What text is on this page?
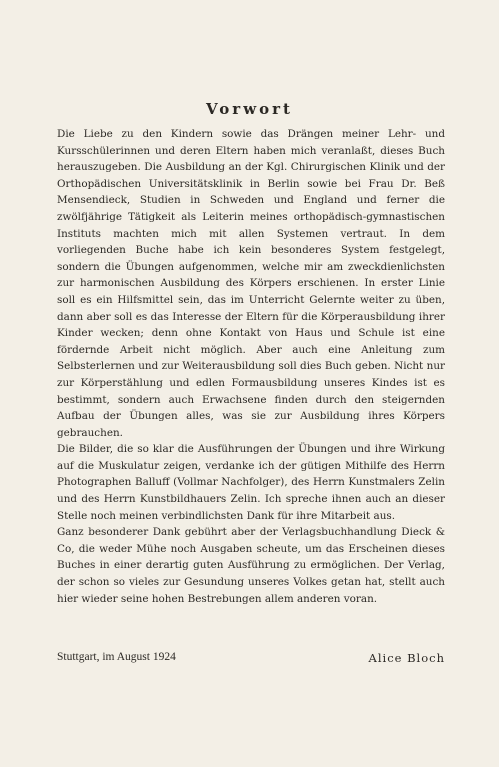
Vorwort

Die Liebe zu den Kindern sowie das Drängen meiner Lehr- und Kursschülerinnen und deren Eltern haben mich veranlaßt, dieses Buch herauszugeben. Die Ausbildung an der Kgl. Chirurgischen Klinik und der Orthopädischen Universitätsklinik in Berlin sowie bei Frau Dr. Beß Mensendieck, Studien in Schweden und England und ferner die zwölfjährige Tätigkeit als Leiterin meines orthopädisch-gymnastischen Instituts machten mich mit allen Systemen vertraut. In dem vorliegenden Buche habe ich kein besonderes System festgelegt, sondern die Übungen aufgenommen, welche mir am zweckdienlichsten zur harmonischen Ausbildung des Körpers erschienen. In erster Linie soll es ein Hilfsmittel sein, das im Unterricht Gelernte weiter zu üben, dann aber soll es das Interesse der Eltern für die Körperausbildung ihrer Kinder wecken; denn ohne Kontakt von Haus und Schule ist eine fördernde Arbeit nicht möglich. Aber auch eine Anleitung zum Selbsterlernen und zur Weiterausbildung soll dies Buch geben. Nicht nur zur Körperstählung und edlen Formausbildung unseres Kindes ist es bestimmt, sondern auch Erwachsene finden durch den steigernden Aufbau der Übungen alles, was sie zur Ausbildung ihres Körpers gebrauchen.

Die Bilder, die so klar die Ausführungen der Übungen und ihre Wirkung auf die Muskulatur zeigen, verdanke ich der gütigen Mithilfe des Herrn Photographen Balluff (Vollmar Nachfolger), des Herrn Kunstmalers Zelin und des Herrn Kunstbildhauers Zelin. Ich spreche ihnen auch an dieser Stelle noch meinen verbindlichsten Dank für ihre Mitarbeit aus.

Ganz besonderer Dank gebührt aber der Verlagsbuchhandlung Dieck & Co, die weder Mühe noch Ausgaben scheute, um das Erscheinen dieses Buches in einer derartig guten Ausführung zu ermöglichen. Der Verlag, der schon so vieles zur Gesundung unseres Volkes getan hat, stellt auch hier wieder seine hohen Bestrebungen allem anderen voran.

Stuttgart, im August 1924	Alice Bloch
